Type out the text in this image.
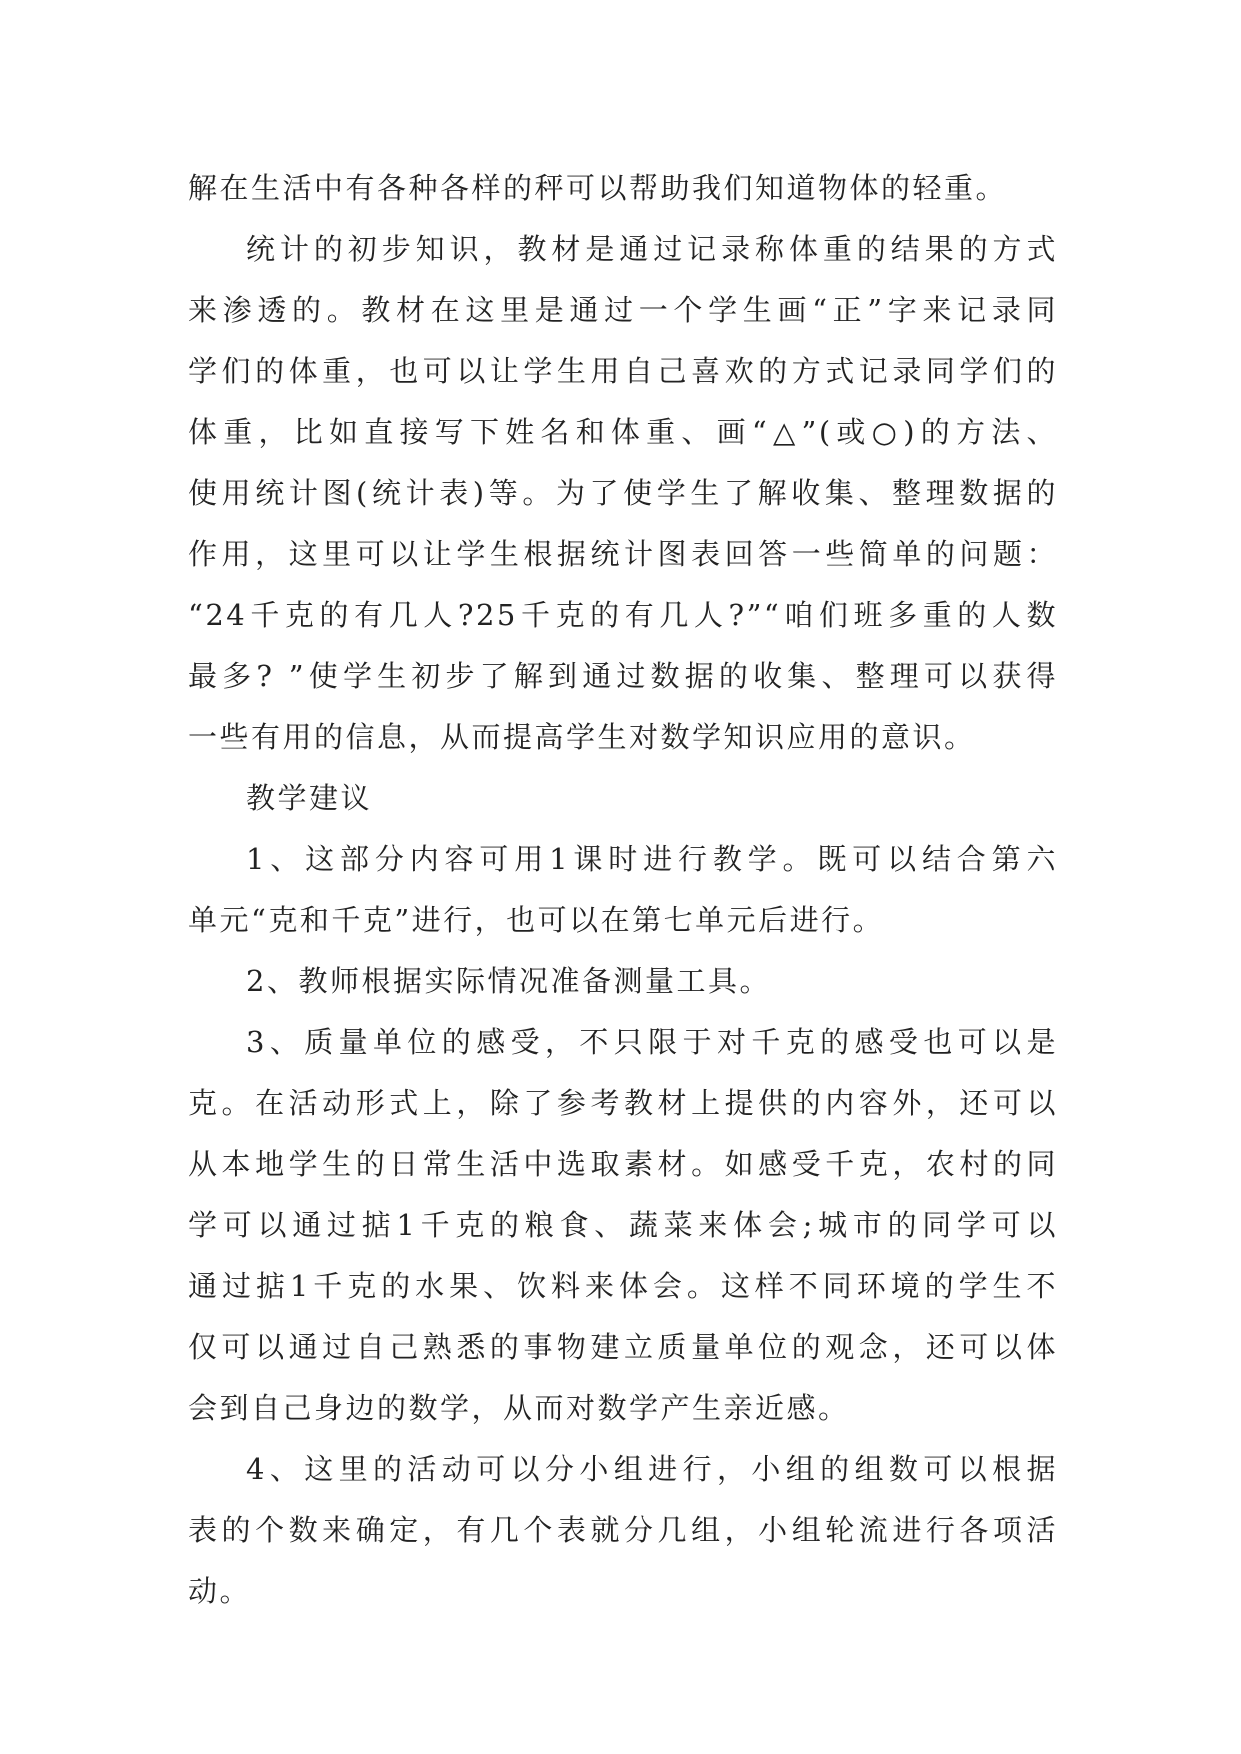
解在生活中有各种各样的秤可以帮助我们知道物体的轻重。
统计的初步知识，教材是通过记录称体重的结果的方式
来渗透的。教材在这里是通过一个学生画“正”字来记录同
学们的体重，也可以让学生用自己喜欢的方式记录同学们的
体重，比如直接写下姓名和体重、画“△”(或○)的方法、
使用统计图(统计表)等。为了使学生了解收集、整理数据的
作用，这里可以让学生根据统计图表回答一些简单的问题：
“24千克的有几人?25千克的有几人?”“咱们班多重的人数
最多? ”使学生初步了解到通过数据的收集、整理可以获得
一些有用的信息，从而提高学生对数学知识应用的意识。
教学建议
1、这部分内容可用1课时进行教学。既可以结合第六
单元“克和千克”进行，也可以在第七单元后进行。
2、教师根据实际情况准备测量工具。
3、质量单位的感受，不只限于对千克的感受也可以是
克。在活动形式上，除了参考教材上提供的内容外，还可以
从本地学生的日常生活中选取素材。如感受千克，农村的同
学可以通过掂1千克的粮食、蔬菜来体会;城市的同学可以
通过掂1千克的水果、饮料来体会。这样不同环境的学生不
仅可以通过自己熟悉的事物建立质量单位的观念，还可以体
会到自己身边的数学，从而对数学产生亲近感。
4、这里的活动可以分小组进行，小组的组数可以根据
表的个数来确定，有几个表就分几组，小组轮流进行各项活
动。
